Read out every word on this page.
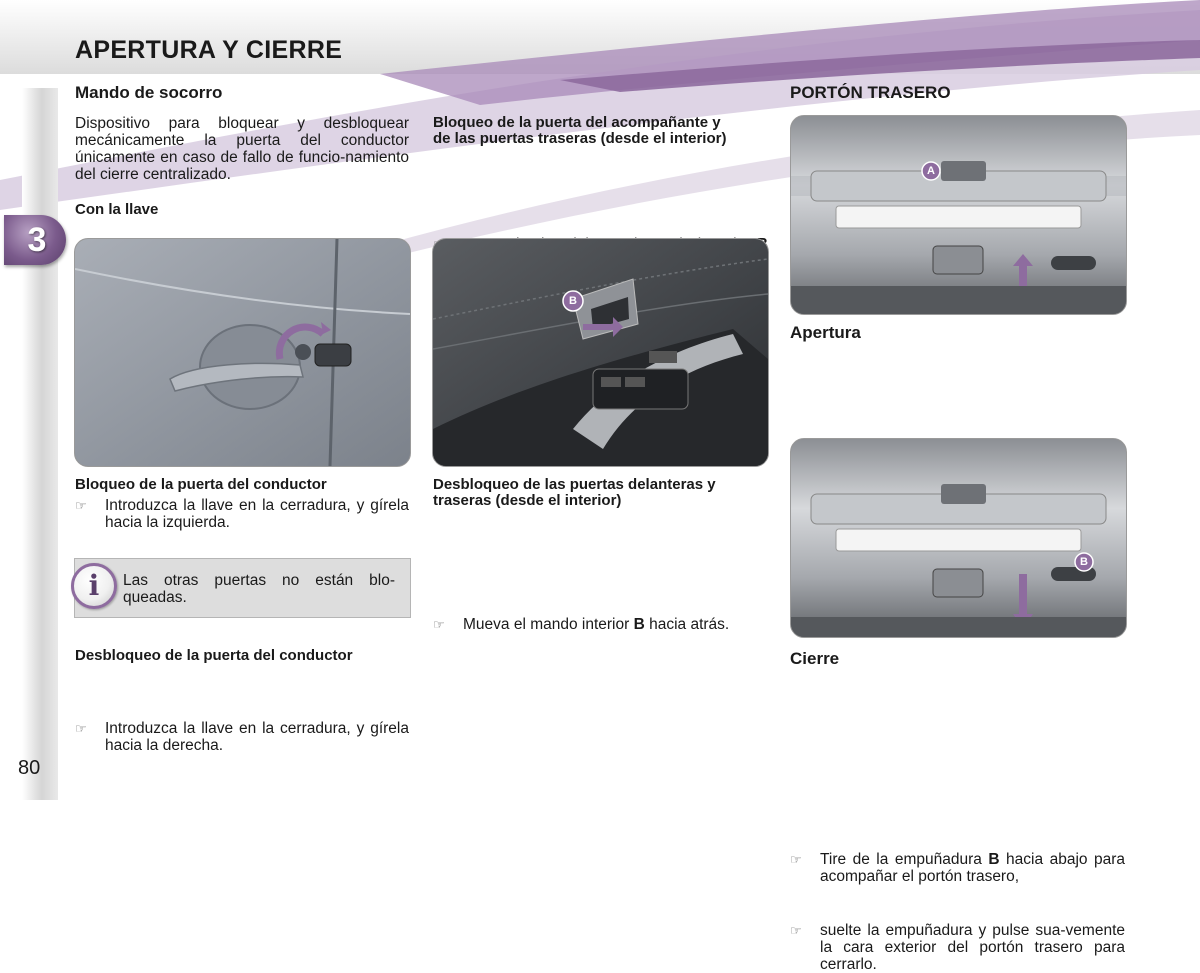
3
APERTURA Y CIERRE
Mando de socorro
Dispositivo para bloquear y desbloquear mecánicamente la puerta del conductor únicamente en caso de fallo de funcio-namiento del cierre centralizado.
Con la llave
Bloqueo de la puerta del conductor
☞ Introduzca la llave en la cerradura, y gírela hacia la izquierda.
i	Las otras puertas no están blo-queadas.
Desbloqueo de la puerta del conductor
☞ Introduzca la llave en la cerradura, y gírela hacia la derecha.
Bloqueo de la puerta del acompañante y de las puertas traseras (desde el interior)
B
Desbloqueo de las puertas delanteras y traseras (desde el interior)
☞ Mueva el mando interior B hacia atrás.
PORTÓN TRASERO
A
Apertura
B
Cierre
☞ Tire de la empuñadura B hacia abajo para acompañar el portón trasero,
☞ suelte la empuñadura y pulse sua-vemente la cara exterior del portón trasero para cerrarlo.
80
